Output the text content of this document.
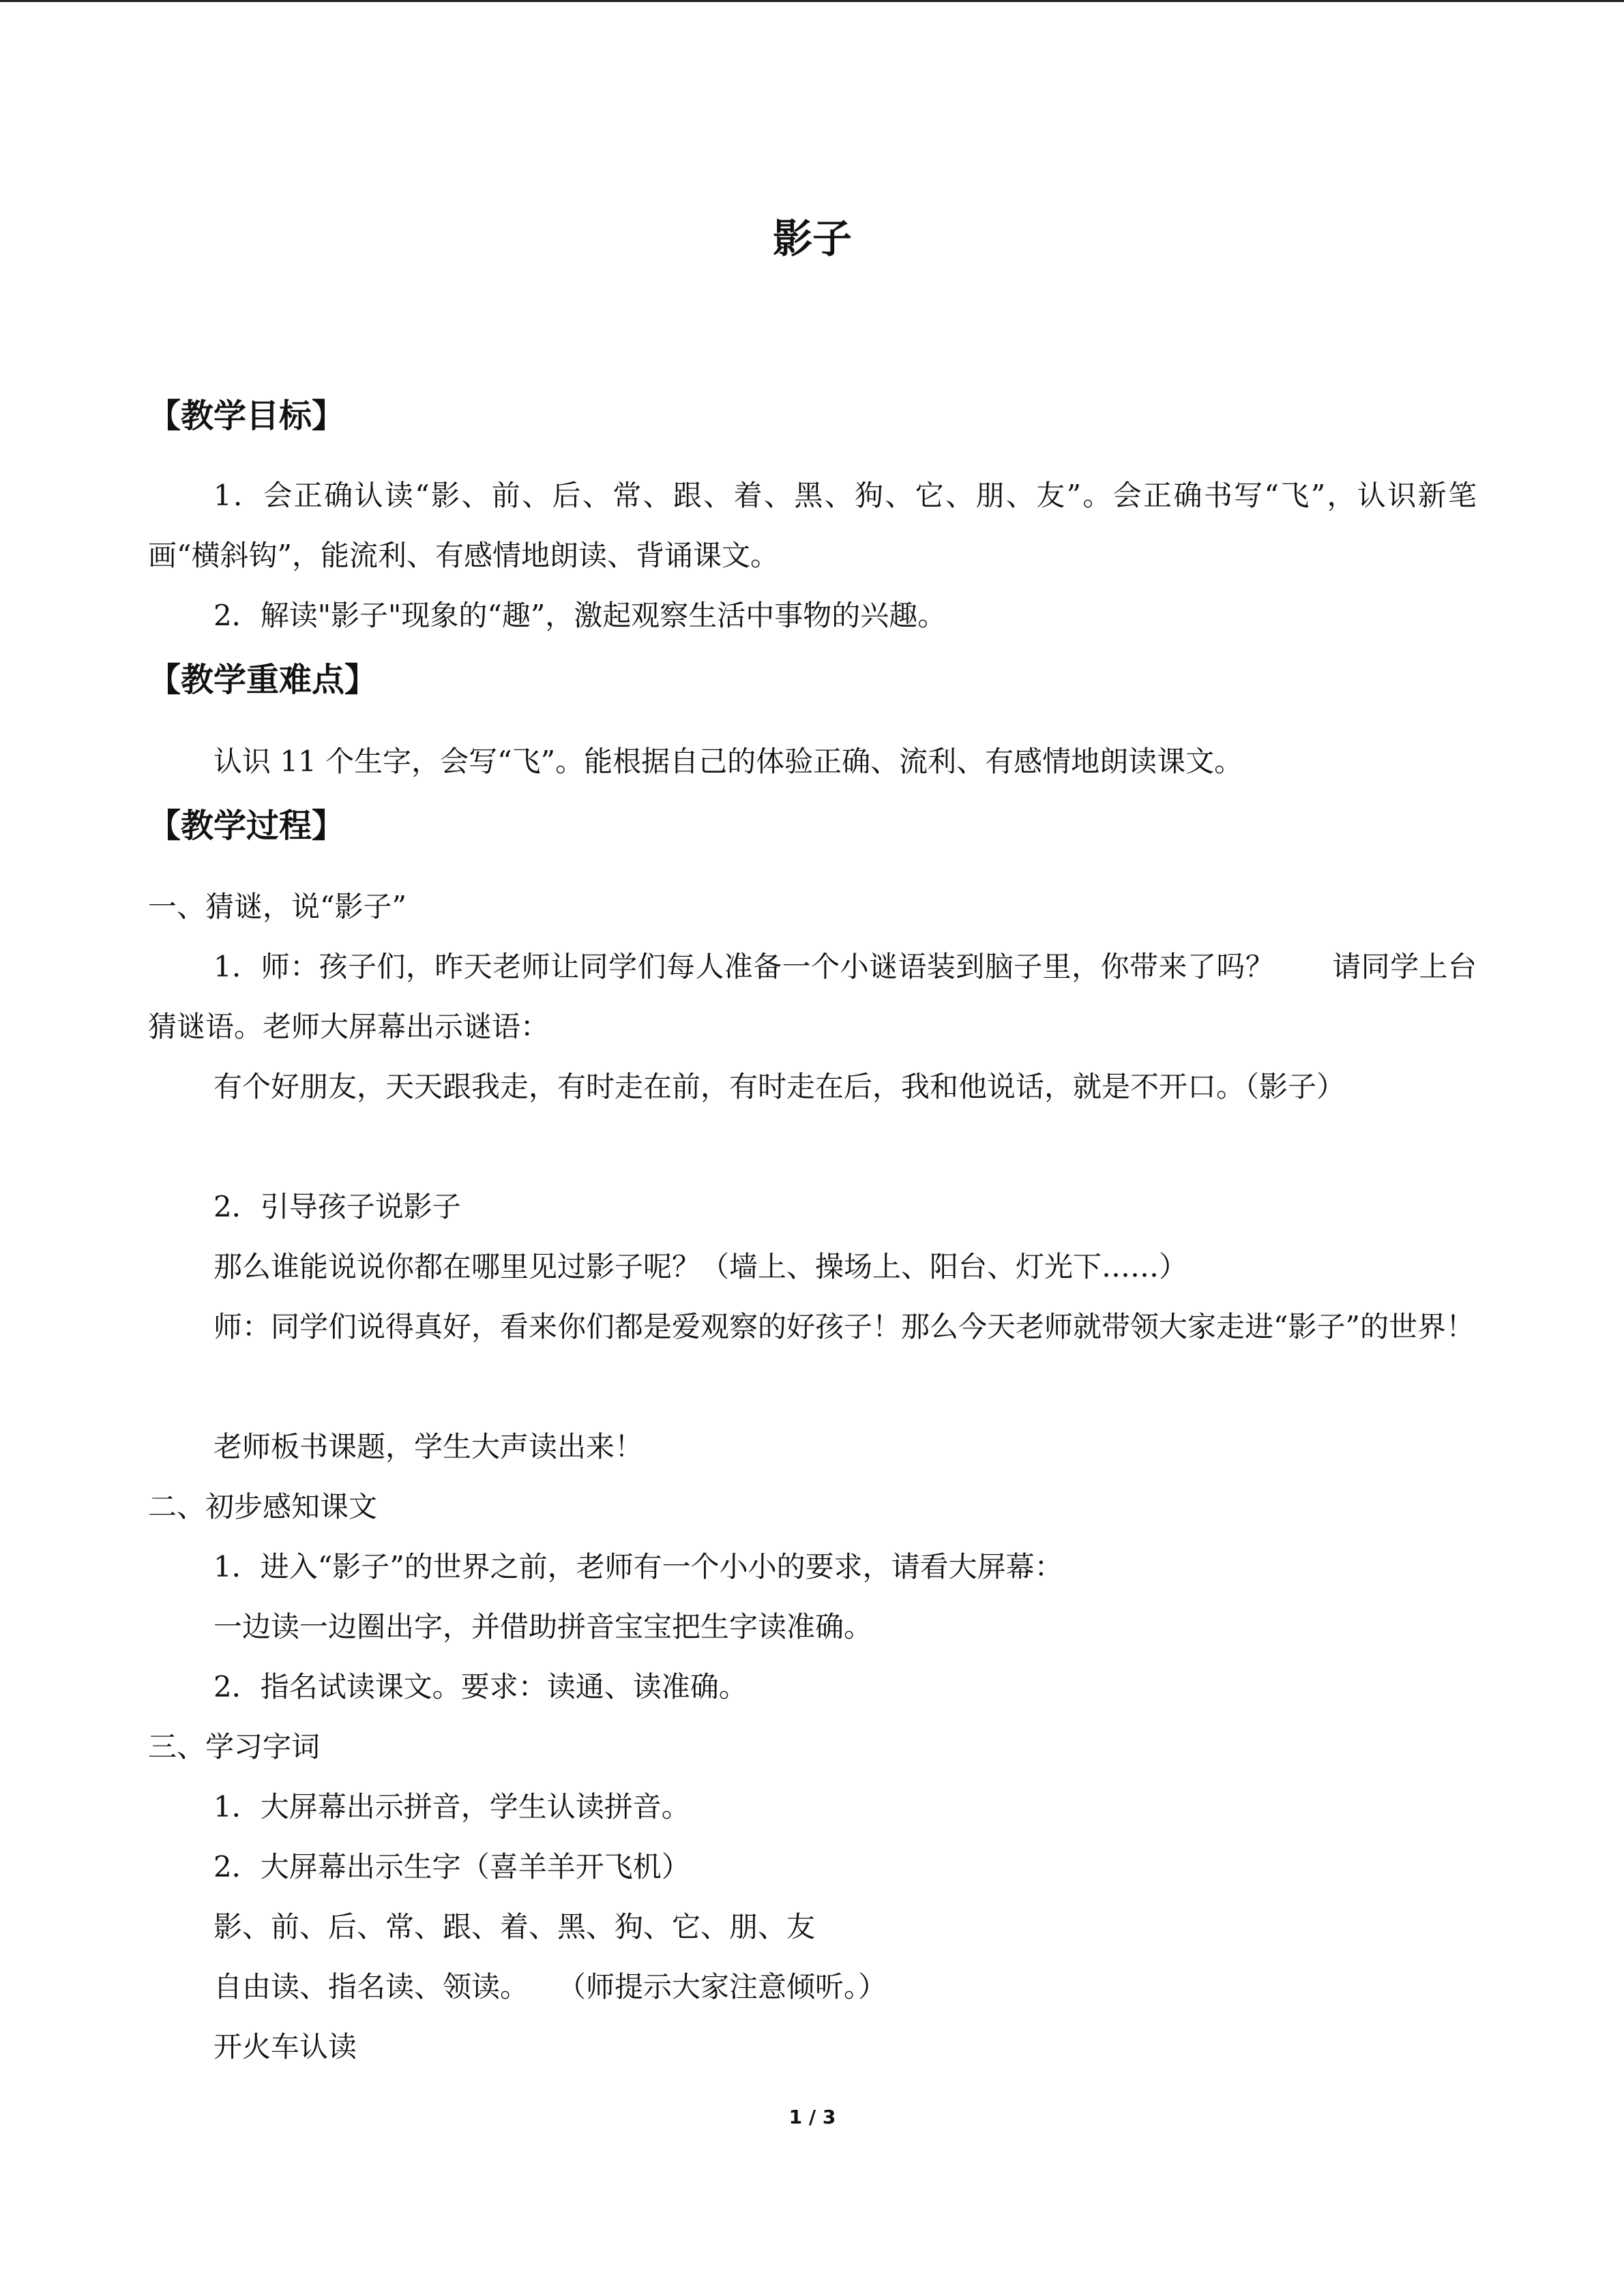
影子
【教学目标】

1．会正确认读“影、前、后、常、跟、着、黑、狗、它、朋、友”。会正确书写“飞”，认识新笔画“横斜钩”，能流利、有感情地朗读、背诵课文。

2．解读"影子"现象的“趣”，激起观察生活中事物的兴趣。

【教学重难点】

认识 11 个生字，会写“飞”。能根据自己的体验正确、流利、有感情地朗读课文。

【教学过程】

一、猜谜，说“影子”

1．师：孩子们，昨天老师让同学们每人准备一个小谜语装到脑子里，你带来了吗？　　请同学上台猜谜语。老师大屏幕出示谜语：

有个好朋友，天天跟我走，有时走在前，有时走在后，我和他说话，就是不开口。（影子）

2．引导孩子说影子

那么谁能说说你都在哪里见过影子呢？（墙上、操场上、阳台、灯光下……）

师：同学们说得真好，看来你们都是爱观察的好孩子！那么今天老师就带领大家走进“影子”的世界！

老师板书课题，学生大声读出来！

二、初步感知课文

1．进入“影子”的世界之前，老师有一个小小的要求，请看大屏幕：

一边读一边圈出字，并借助拼音宝宝把生字读准确。

2．指名试读课文。要求：读通、读准确。

三、学习字词

1．大屏幕出示拼音，学生认读拼音。

2．大屏幕出示生字（喜羊羊开飞机）

影、前、后、常、跟、着、黑、狗、它、朋、友

自由读、指名读、领读。　　（师提示大家注意倾听。）

开火车认读

1 / 3
